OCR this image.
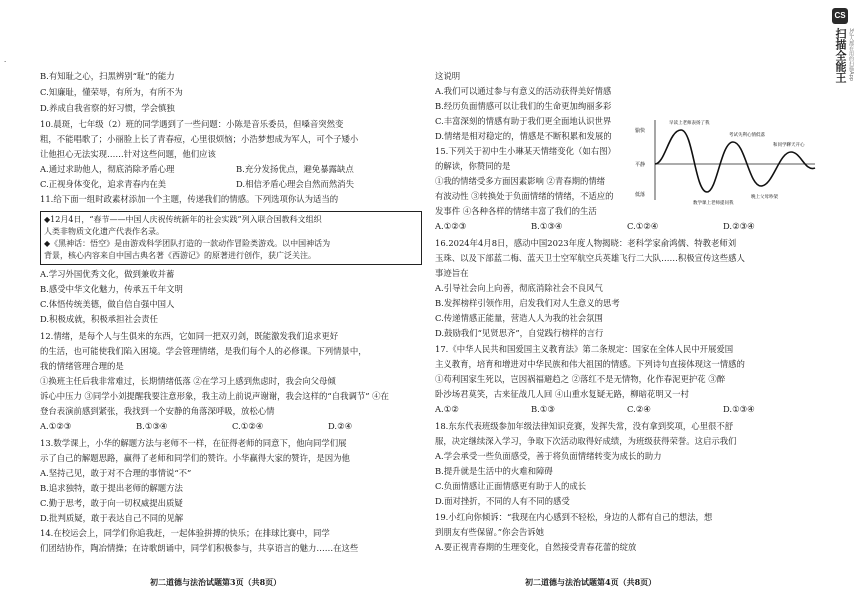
CS
扫描全能王 3亿人都在用的扫描App
·
B.有知耻之心，扫黑辨别“耻”的能力
C.知廉耻，懂荣辱，有所为，有所不为
D.养成自我省察的好习惯，学会慎独
10.晨斑，七年级（2）班的同学遇到了一些问题：小陈是音乐委员，但嗓音突然变
粗，不能唱歌了；小丽脸上长了青春痘，心里很烦恼；小浩梦想成为军人，可个子矮小
让他担心无法实现……针对这些问题，他们应该
A.通过求助他人，彻底消除矛盾心理	B.充分发扬优点，避免暴露缺点
C.正视身体变化，追求青春内在美	D.相信矛盾心理会自然而然消失
11.给下面一组时政素材添加一个主题，传递我们的情感。下列选项你认为适当的
◆12月4日，“春节——中国人庆祝传统新年的社会实践”列入联合国教科文组织
人类非物质文化遗产代表作名录。
◆《黑神话：悟空》是由游戏科学团队打造的一款动作冒险类游戏。以中国神话为
背景，核心内容来自中国古典名著《西游记》的原著进行创作，获广泛关注。
A.学习外国优秀文化，做到兼收并蓄
B.感受中华文化魅力，传承五千年文明
C.体悟传统美德，做自信自强中国人
D.积极成就，积极承担社会责任
12.情绪，是每个人与生俱来的东西，它如同一把双刃剑，既能激发我们追求更好
的生活，也可能使我们陷入困境。学会管理情绪，是我们每个人的必修课。下列情景中，
我的情绪管理合理的是
①换班主任后我非常难过，长期情绪低落 ②在学习上感到焦虑时，我会向父母倾
诉心中压力 ③同学小刘提醒我要注意形象，我主动上前说声谢谢，我会这样的“自我调节” ④在
登台表演前感到紧张，我找到一个安静的角落深呼吸，放松心情
A.①②③	B.①③④	C.①②④	D.②④
13.数学课上，小华的解题方法与老师不一样，在征得老师的同意下，他向同学们展
示了自己的解题思路，赢得了老师和同学们的赞许。小华赢得大家的赞许，是因为他
A.坚持己见，敢于对不合理的事情说“不”
B.追求独特，敢于提出老师的解题方法
C.勤于思考，敢于向一切权威提出质疑
D.批判质疑，敢于表达自己不同的见解
14.在校运会上，同学们你追我赶，一起体验拼搏的快乐；在排球比赛中，同学
们团结协作，陶冶情操；在诗歌朗诵中，同学们积极参与，共享语言的魅力……在这些
初二道德与法治试题第3页（共8页）
这说明
A.我们可以通过参与有意义的活动获得美好情感
B.经历负面情感可以让我们的生命更加绚丽多彩
C.丰富深刻的情感有助于我们更全面地认识世界
D.情绪是相对稳定的，情感是不断积累和发展的
15.下列关于初中生小琳某天情绪变化（如右图）
的解读，你赞同的是
①我的情绪受多方面因素影响 ②青春期的情绪
有波动性 ③转换处于负面情绪的情绪，不适应的
发事件 ④各种各样的情绪丰富了我们的生活
愉快
平静
低落
早读上老师表扬了我
数学课上老师提问我
考试失利心情低落
和同学聊天开心
晚上父母吵架
A.①②③	B.①③④	C.①②④	D.②③④
16.2024年4月8日，感动中国2023年度人物揭晓：老科学家俞鸿儒、特教老师刘
玉珠、以及下部蓝二梅、蓝天卫士空军航空兵英雄飞行二大队……积极宣传这些感人
事迹旨在
A.引导社会向上向善，彻底消除社会不良风气
B.发挥榜样引领作用，启发我们对人生意义的思考
C.传递情感正能量，营造人人为我的社会氛围
D.鼓励我们“见贤思齐”，自觉践行榜样的言行
17.《中华人民共和国爱国主义教育法》第二条规定：国家在全体人民中开展爱国
主义教育，培育和增进对中华民族和伟大祖国的情感。下列诗句直接体现这一情感的
①苟利国家生死以，岂因祸福避趋之 ②落红不是无情物，化作春泥更护花 ③醉
卧沙场君莫笑，古来征战几人回 ④山重水复疑无路，柳暗花明又一村
A.①②	B.①③	C.②④	D.①③④
18.东东代表班级参加年级法律知识竞赛，发挥失常，没有拿到奖项，心里很不舒
服，决定继续深入学习，争取下次活动取得好成绩，为班级获得荣誉。这启示我们
A.学会承受一些负面感受，善于将负面情绪转变为成长的助力
B.提升就是生活中的火难和障碍
C.负面情感让正面情感更有助于人的成长
D.面对挫折，不同的人有不同的感受
19.小红向你倾诉：“我现在内心感到不轻松，身边的人都有自己的想法，想
到朋友有些保留。”你会告诉她
A.要正视青春期的生理变化，自然接受青春花蕾的绽放
初二道德与法治试题第4页（共8页）
